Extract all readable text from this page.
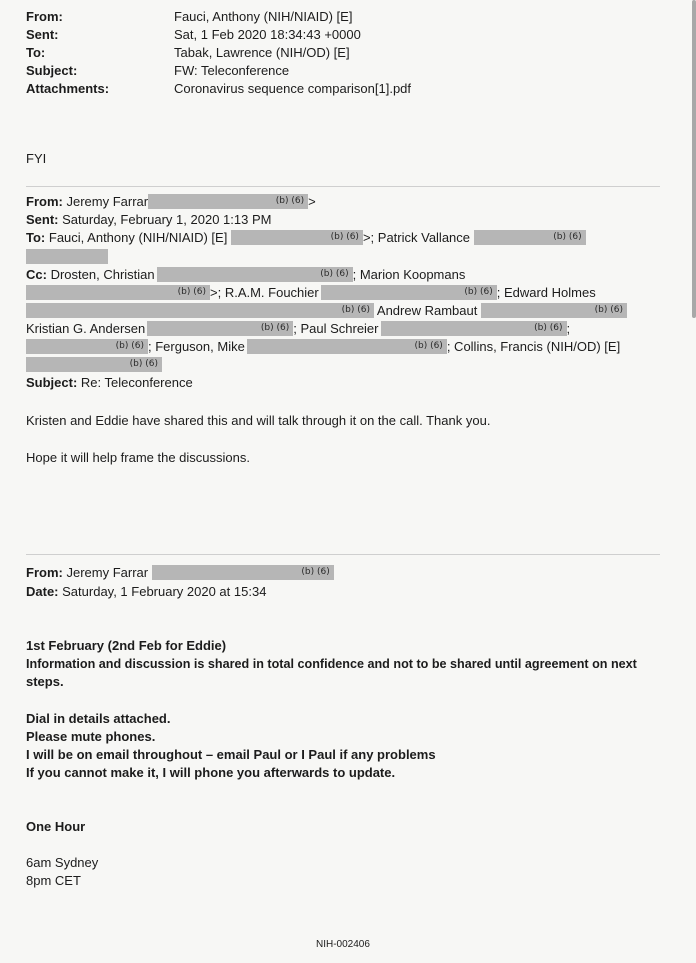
From:	Fauci, Anthony (NIH/NIAID) [E]
Sent:	Sat, 1 Feb 2020 18:34:43 +0000
To:	Tabak, Lawrence (NIH/OD) [E]
Subject:	FW: Teleconference
Attachments:	Coronavirus sequence comparison[1].pdf
FYI
From: Jeremy Farrar	(b) (6) >
Sent: Saturday, February 1, 2020 1:13 PM
To: Fauci, Anthony (NIH/NIAID) [E]	(b) (6) >; Patrick Vallance	(b) (6)
Cc: Drosten, Christian	(b) (6) ; Marion Koopmans
(b) (6) >; R.A.M. Fouchier	(b) (6) ; Edward Holmes
(b) (6) Andrew Rambaut	(b) (6)
Kristian G. Andersen	(b) (6) ; Paul Schreier	(b) (6) ;
(b) (6) ; Ferguson, Mike	(b) (6) ; Collins, Francis (NIH/OD) [E]
(b) (6)
Subject: Re: Teleconference
Kristen and Eddie have shared this and will talk through it on the call. Thank you.
Hope it will help frame the discussions.
From: Jeremy Farrar	(b) (6)
Date: Saturday, 1 February 2020 at 15:34
1st February (2nd Feb for Eddie)
Information and discussion is shared in total confidence and not to be shared until agreement on next
steps.
Dial in details attached.
Please mute phones.
I will be on email throughout – email Paul or I Paul if any problems
If you cannot make it, I will phone you afterwards to update.
One Hour
6am Sydney
8pm CET
NIH-002406
